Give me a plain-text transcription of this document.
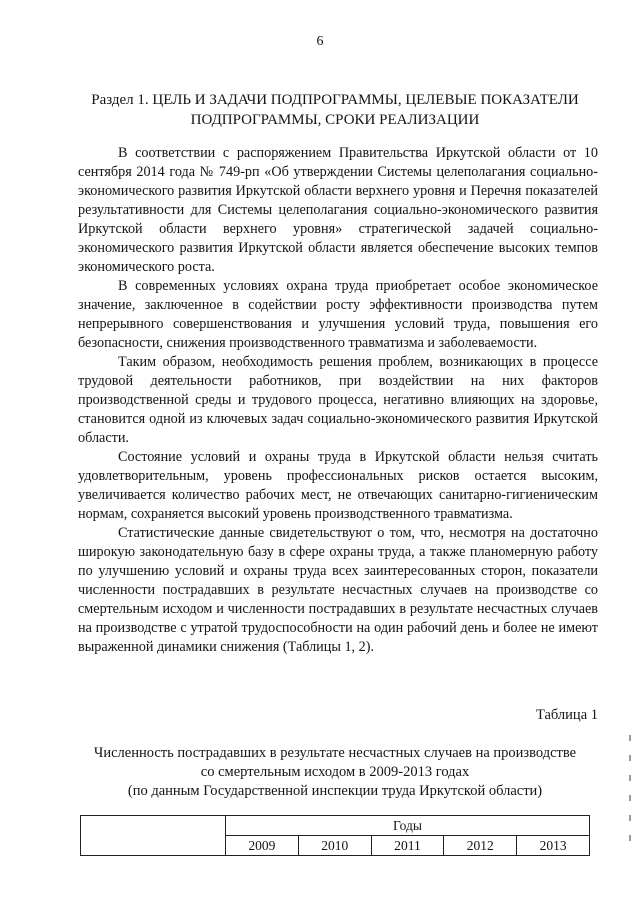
6
Раздел 1. ЦЕЛЬ И ЗАДАЧИ ПОДПРОГРАММЫ, ЦЕЛЕВЫЕ ПОКАЗАТЕЛИ
ПОДПРОГРАММЫ, СРОКИ РЕАЛИЗАЦИИ

В соответствии с распоряжением Правительства Иркутской области от 10 сентября 2014 года № 749-рп «Об утверждении Системы целеполагания социально-экономического развития Иркутской области верхнего уровня и Перечня показателей результативности для Системы целеполагания социально-экономического развития Иркутской области верхнего уровня» стратегической задачей социально-экономического развития Иркутской области является обеспечение высоких темпов экономического роста.

В современных условиях охрана труда приобретает особое экономическое значение, заключенное в содействии росту эффективности производства путем непрерывного совершенствования и улучшения условий труда, повышения его безопасности, снижения производственного травматизма и заболеваемости.

Таким образом, необходимость решения проблем, возникающих в процессе трудовой деятельности работников, при воздействии на них факторов производственной среды и трудового процесса, негативно влияющих на здоровье, становится одной из ключевых задач социально-экономического развития Иркутской области.

Состояние условий и охраны труда в Иркутской области нельзя считать удовлетворительным, уровень профессиональных рисков остается высоким, увеличивается количество рабочих мест, не отвечающих санитарно-гигиеническим нормам, сохраняется высокий уровень производственного травматизма.

Статистические данные свидетельствуют о том, что, несмотря на достаточно широкую законодательную базу в сфере охраны труда, а также планомерную работу по улучшению условий и охраны труда всех заинтересованных сторон, показатели численности пострадавших в результате несчастных случаев на производстве со смертельным исходом и численности пострадавших в результате несчастных случаев на производстве с утратой трудоспособности на один рабочий день и более не имеют выраженной динамики снижения (Таблицы 1, 2).

Таблица 1
Численность пострадавших в результате несчастных случаев на производстве
со смертельным исходом в 2009-2013 годах
(по данным Государственной инспекции труда Иркутской области)
	Годы				
	2009	2010	2011	2012	2013
